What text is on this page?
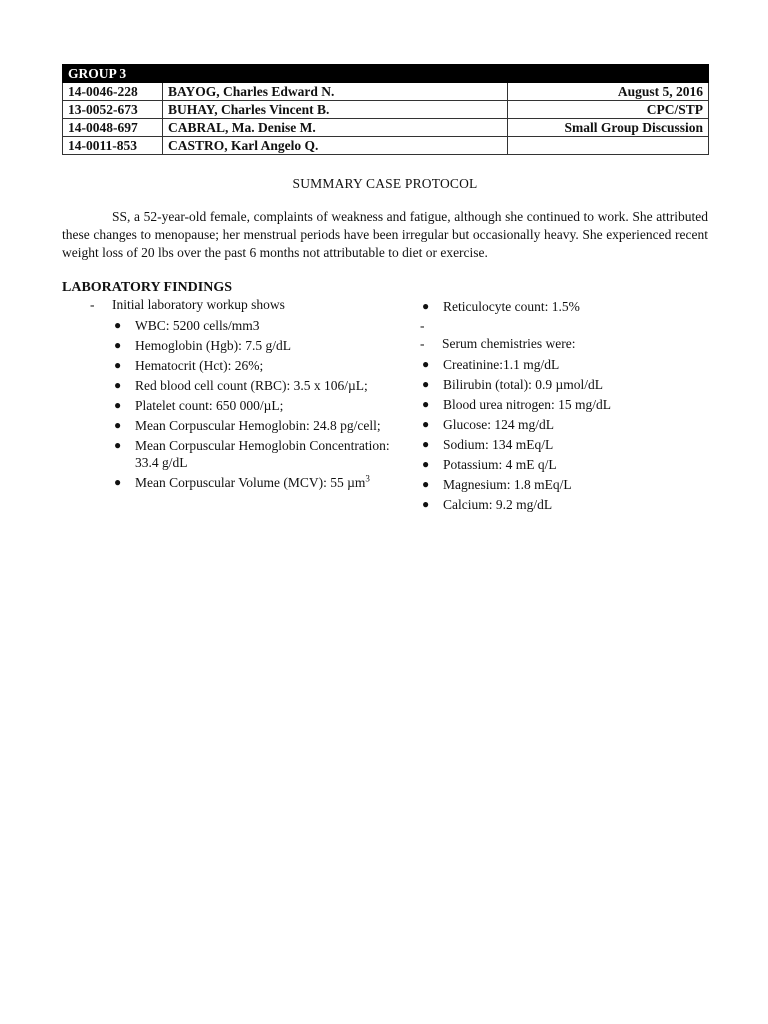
GROUP 3		
14-0046-228	BAYOG, Charles Edward N.	August 5, 2016
13-0052-673	BUHAY, Charles Vincent B.	CPC/STP
14-0048-697	CABRAL, Ma. Denise M.	Small Group Discussion
14-0011-853	CASTRO, Karl Angelo Q.	
SUMMARY CASE PROTOCOL
SS, a 52-year-old female, complaints of weakness and fatigue, although she continued to work. She attributed these changes to menopause; her menstrual periods have been irregular but occasionally heavy. She experienced recent weight loss of 20 lbs over the past 6 months not attributable to diet or exercise.
LABORATORY FINDINGS
- Initial laboratory workup shows
● WBC: 5200 cells/mm3
● Hemoglobin (Hgb): 7.5 g/dL
● Hematocrit (Hct): 26%;
● Red blood cell count (RBC): 3.5 x 106/µL;
● Platelet count: 650 000/µL;
● Mean Corpuscular Hemoglobin: 24.8 pg/cell;
● Mean Corpuscular Hemoglobin Concentration: 33.4 g/dL
● Mean Corpuscular Volume (MCV): 55 µm$^3$
● Reticulocyte count: 1.5%
-

- Serum chemistries were:
● Creatinine:1.1 mg/dL
● Bilirubin (total): 0.9 µmol/dL
● Blood urea nitrogen: 15 mg/dL
● Glucose: 124 mg/dL
● Sodium: 134 mEq/L
● Potassium: 4 mE q/L
● Magnesium: 1.8 mEq/L
● Calcium: 9.2 mg/dL
